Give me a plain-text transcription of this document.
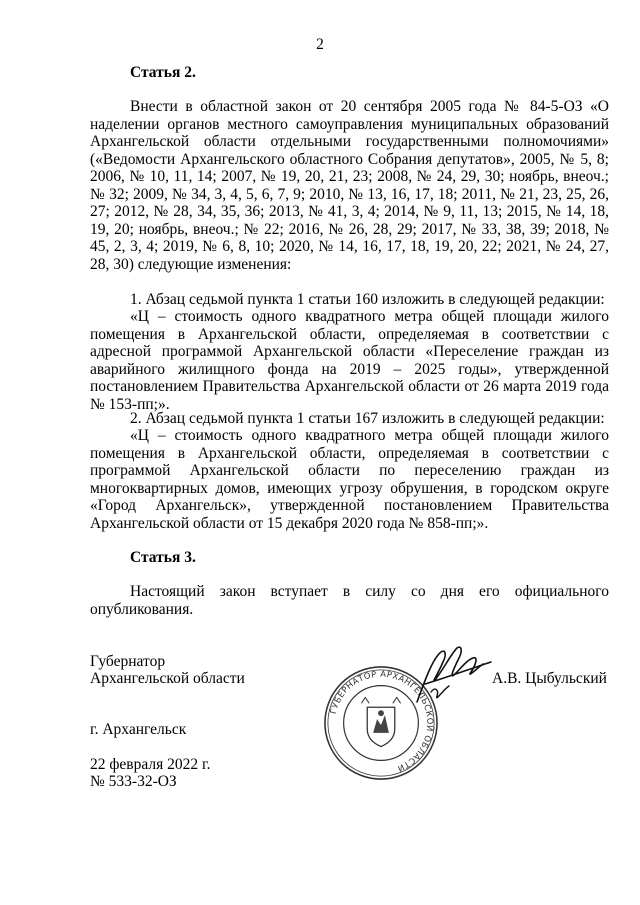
2
Статья 2.

Внести в областной закон от 20 сентября 2005 года № 84-5-ОЗ «О наделении органов местного самоуправления муниципальных образований Архангельской области отдельными государственными полномочиями» («Ведомости Архангельского областного Собрания депутатов», 2005, № 5, 8; 2006, № 10, 11, 14; 2007, № 19, 20, 21, 23; 2008, № 24, 29, 30; ноябрь, внеоч.; № 32; 2009, № 34, 3, 4, 5, 6, 7, 9; 2010, № 13, 16, 17, 18; 2011, № 21, 23, 25, 26, 27; 2012, № 28, 34, 35, 36; 2013, № 41, 3, 4; 2014, № 9, 11, 13; 2015, № 14, 18, 19, 20; ноябрь, внеоч.; № 22; 2016, № 26, 28, 29; 2017, № 33, 38, 39; 2018, № 45, 2, 3, 4; 2019, № 6, 8, 10; 2020, № 14, 16, 17, 18, 19, 20, 22; 2021, № 24, 27, 28, 30) следующие изменения:

1. Абзац седьмой пункта 1 статьи 160 изложить в следующей редакции:

«Ц – стоимость одного квадратного метра общей площади жилого помещения в Архангельской области, определяемая в соответствии с адресной программой Архангельской области «Переселение граждан из аварийного жилищного фонда на 2019 – 2025 годы», утвержденной постановлением Правительства Архангельской области от 26 марта 2019 года № 153-пп;».

2. Абзац седьмой пункта 1 статьи 167 изложить в следующей редакции:

«Ц – стоимость одного квадратного метра общей площади жилого помещения в Архангельской области, определяемая в соответствии с программой Архангельской области по переселению граждан из многоквартирных домов, имеющих угрозу обрушения, в городском округе «Город Архангельск», утвержденной постановлением Правительства Архангельской области от 15 декабря 2020 года № 858-пп;».

Статья 3.

Настоящий закон вступает в силу со дня его официального опубликования.

Губернатор
Архангельской области	А.В. Цыбульский
ГУБЕРНАТОР АРХАНГЕЛЬСКОЙ ОБЛАСТИ
г. Архангельск
22 февраля 2022 г.
№ 533-32-ОЗ
